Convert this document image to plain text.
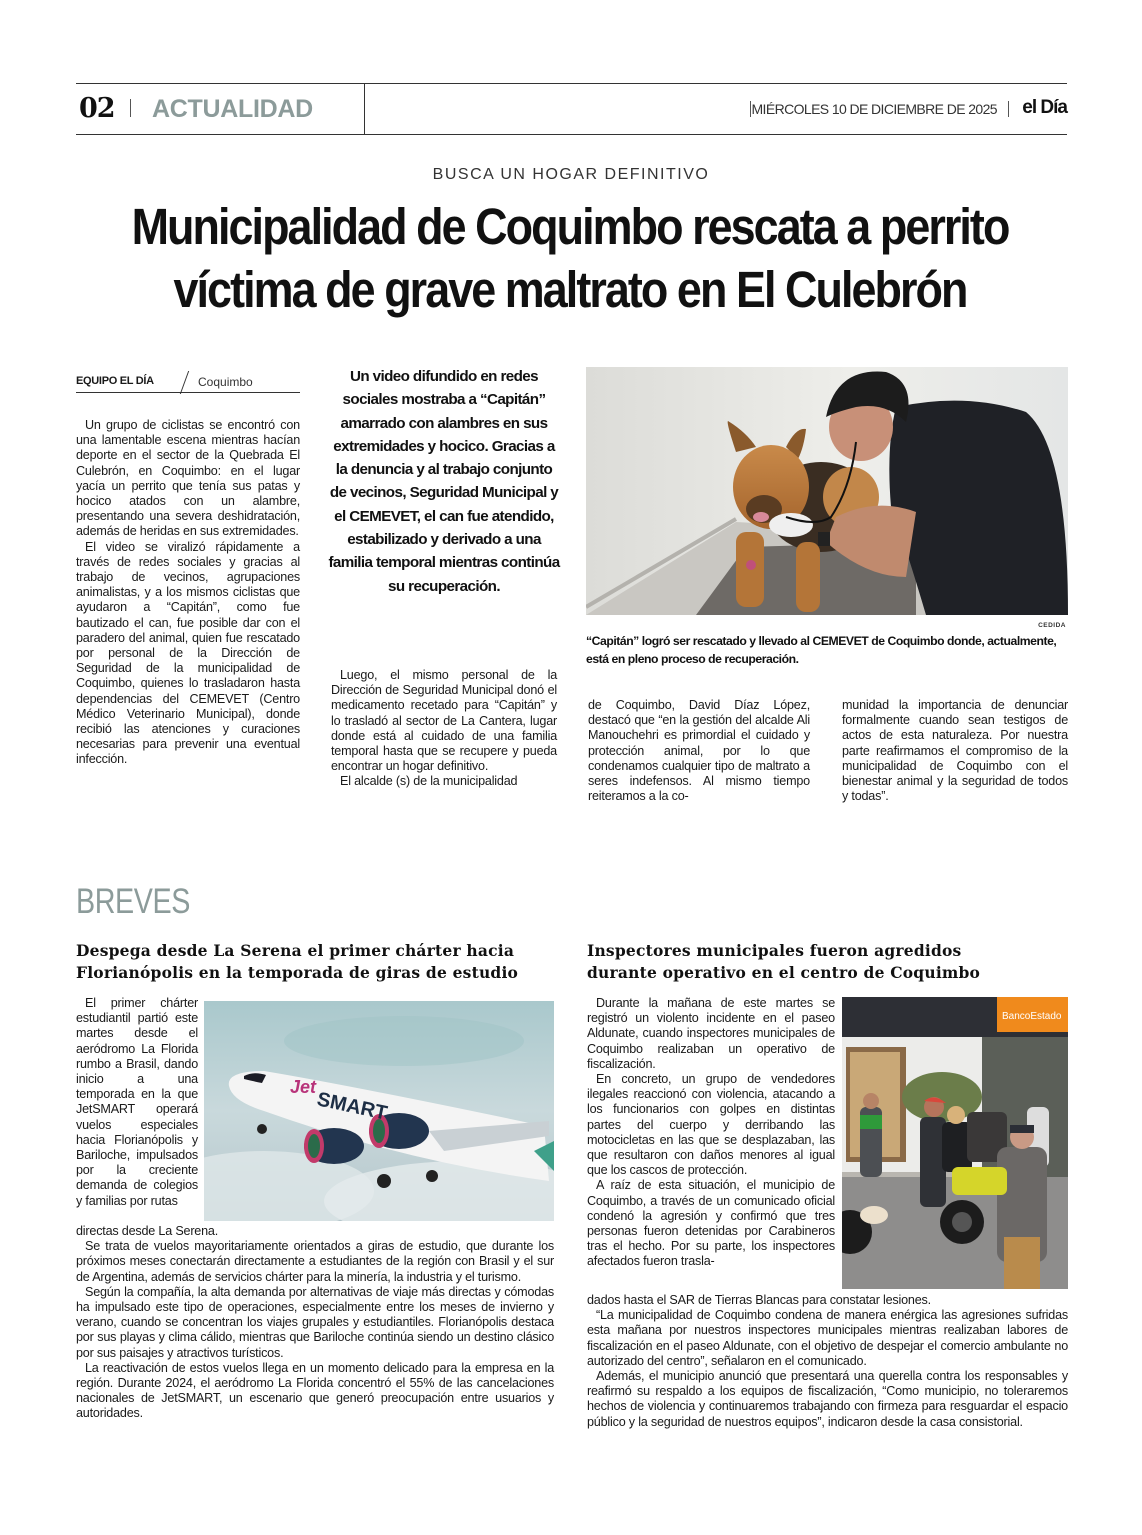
02 ACTUALIDAD	MIÉRCOLES 10 DE DICIEMBRE DE 2025 el Día
BUSCA UN HOGAR DEFINITIVO
Municipalidad de Coquimbo rescata a perrito
víctima de grave maltrato en El Culebrón
EQUIPO EL DÍA	Coquimbo

Un grupo de ciclistas se encontró con una lamentable escena mientras hacían deporte en el sector de la Quebrada El Culebrón, en Coquimbo: en el lugar yacía un perrito que tenía sus patas y hocico atados con un alambre, presentando una severa deshidratación, además de heridas en sus extremidades.

El video se viralizó rápidamente a través de redes sociales y gracias al trabajo de vecinos, agrupaciones animalistas, y a los mismos ciclistas que ayudaron a “Capitán”, como fue bautizado el can, fue posible dar con el paradero del animal, quien fue rescatado por personal de la Dirección de Seguridad de la municipalidad de Coquimbo, quienes lo trasladaron hasta dependencias del CEMEVET (Centro Médico Veterinario Municipal), donde recibió las atenciones y curaciones necesarias para prevenir una eventual infección.

Un video difundido en redes sociales mostraba a “Capitán” amarrado con alambres en sus extremidades y hocico. Gracias a la denuncia y al trabajo conjunto de vecinos, Seguridad Municipal y el CEMEVET, el can fue atendido, estabilizado y derivado a una familia temporal mientras continúa su recuperación.

Luego, el mismo personal de la Dirección de Seguridad Municipal donó el medicamento recetado para “Capitán” y lo trasladó al sector de La Cantera, lugar donde está al cuidado de una familia temporal hasta que se recupere y pueda encontrar un hogar definitivo.

El alcalde (s) de la municipalidad

de Coquimbo, David Díaz López, destacó que “en la gestión del alcalde Ali Manouchehri es primordial el cuidado y protección animal, por lo que condenamos cualquier tipo de maltrato a seres indefensos. Al mismo tiempo reiteramos a la co-

munidad la importancia de denunciar formalmente cuando sean testigos de actos de esta naturaleza. Por nuestra parte reafirmamos el compromiso de la municipalidad de Coquimbo con el bienestar animal y la seguridad de todos y todas”.

CEDIDA
“Capitán” logró ser rescatado y llevado al CEMEVET de Coquimbo donde, actualmente, está en pleno proceso de recuperación.
BREVES
Despega desde La Serena el primer chárter hacia
Florianópolis en la temporada de giras de estudio
Jet
SMART

El primer chárter estudiantil partió este martes desde el aeródromo La Florida rumbo a Brasil, dando inicio a una temporada en la que JetSMART operará vuelos especiales hacia Florianópolis y Bariloche, impulsados por la creciente demanda de colegios y familias por rutas

directas desde La Serena.

Se trata de vuelos mayoritariamente orientados a giras de estudio, que durante los próximos meses conectarán directamente a estudiantes de la región con Brasil y el sur de Argentina, además de servicios chárter para la minería, la industria y el turismo.

Según la compañía, la alta demanda por alternativas de viaje más directas y cómodas ha impulsado este tipo de operaciones, especialmente entre los meses de invierno y verano, cuando se concentran los viajes grupales y estudiantiles. Florianópolis destaca por sus playas y clima cálido, mientras que Bariloche continúa siendo un destino clásico por sus paisajes y atractivos turísticos.

La reactivación de estos vuelos llega en un momento delicado para la empresa en la región. Durante 2024, el aeródromo La Florida concentró el 55% de las cancelaciones nacionales de JetSMART, un escenario que generó preocupación entre usuarios y autoridades.

Inspectores municipales fueron agredidos
durante operativo en el centro de Coquimbo
BancoEstado

Durante la mañana de este martes se registró un violento incidente en el paseo Aldunate, cuando inspectores municipales de Coquimbo realizaban un operativo de fiscalización.

En concreto, un grupo de vendedores ilegales reaccionó con violencia, atacando a los funcionarios con golpes en distintas partes del cuerpo y derribando las motocicletas en las que se desplazaban, las que resultaron con daños menores al igual que los cascos de protección.

A raíz de esta situación, el municipio de Coquimbo, a través de un comunicado oficial condenó la agresión y confirmó que tres personas fueron detenidas por Carabineros tras el hecho. Por su parte, los inspectores afectados fueron trasla-

dados hasta el SAR de Tierras Blancas para constatar lesiones.

“La municipalidad de Coquimbo condena de manera enérgica las agresiones sufridas esta mañana por nuestros inspectores municipales mientras realizaban labores de fiscalización en el paseo Aldunate, con el objetivo de despejar el comercio ambulante no autorizado del centro”, señalaron en el comunicado.

Además, el municipio anunció que presentará una querella contra los responsables y reafirmó su respaldo a los equipos de fiscalización, “Como municipio, no toleraremos hechos de violencia y continuaremos trabajando con firmeza para resguardar el espacio público y la seguridad de nuestros equipos”, indicaron desde la casa consistorial.
